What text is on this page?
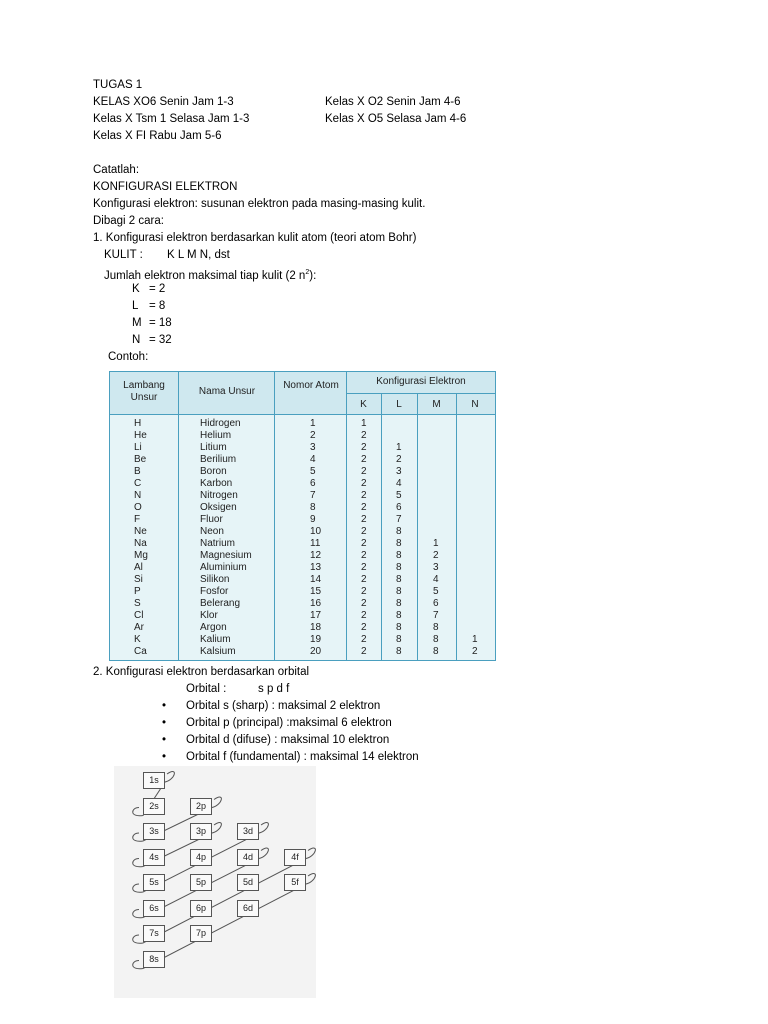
TUGAS 1
KELAS XO6 Senin Jam 1-3	Kelas X O2 Senin Jam 4-6
Kelas X Tsm 1 Selasa Jam 1-3	Kelas X O5 Selasa Jam 4-6
Kelas X FI Rabu Jam 5-6
Catatlah:
KONFIGURASI ELEKTRON
Konfigurasi elektron: susunan elektron pada masing-masing kulit.
Dibagi 2 cara:
1. Konfigurasi elektron berdasarkan kulit atom (teori atom Bohr)
KULIT : K L M N, dst
Jumlah elektron maksimal tiap kulit (2 $n^2$):
K = 2
L = 8
M = 18
N = 32
Contoh:
Lambang Unsur
Nama Unsur
Nomor Atom	Konfigurasi Elektron
K	L	M	N
H	Hidrogen	1	1
He	Helium	2	2
Li	Litium	3	2	1
Be	Berilium	4	2	2
B	Boron	5	2	3
C	Karbon	6	2	4
N	Nitrogen	7	2	5
O	Oksigen	8	2	6
F	Fluor	9	2	7
Ne	Neon	10	2	8
Na	Natrium	11	2	8	1
Mg	Magnesium	12	2	8	2
Al	Aluminium	13	2	8	3
Si	Silikon	14	2	8	4
P	Fosfor	15	2	8	5
S	Belerang	16	2	8	6
Cl	Klor	17	2	8	7
Ar	Argon	18	2	8	8
K	Kalium	19	2	8	8	1
Ca	Kalsium	20	2	8	8	2
2. Konfigurasi elektron berdasarkan orbital
Orbital :	s p d f
• Orbital s (sharp) : maksimal 2 elektron
• Orbital p (principal) :maksimal 6 elektron
• Orbital d (difuse) : maksimal 10 elektron
• Orbital f (fundamental) : maksimal 14 elektron
1s
2s	2p
3s	3p	3d
4s	4p	4d	4f
5s	5p	5d	5f
6s	6p	6d
7s	7p
8s
